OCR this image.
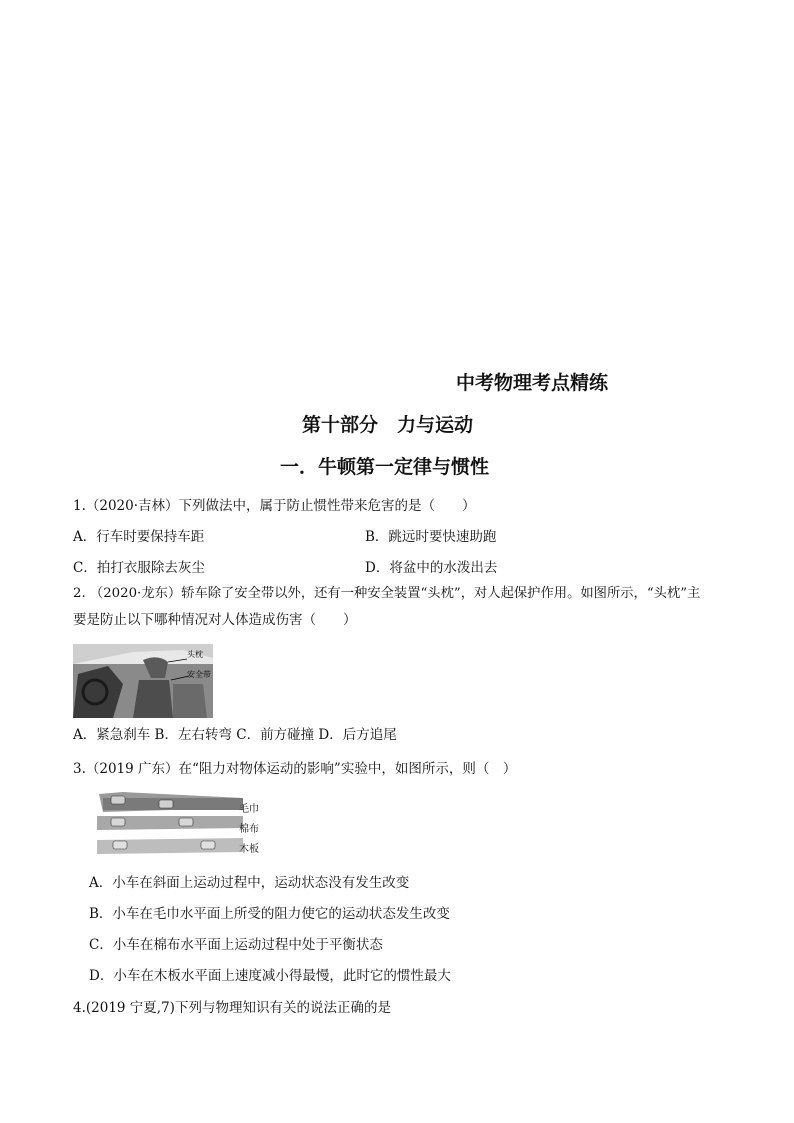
中考物理考点精练
第十部分　力与运动
一．牛顿第一定律与惯性
1.（2020·吉林）下列做法中，属于防止惯性带来危害的是（　　）
A．行车时要保持车距	B．跳远时要快速助跑
C．拍打衣服除去灰尘	D．将盆中的水泼出去
2. （2020·龙东）轿车除了安全带以外，还有一种安全装置“头枕”，对人起保护作用。如图所示，“头枕”主
要是防止以下哪种情况对人体造成伤害（　　）
头枕
安全带
A．紧急刹车 B．左右转弯 C．前方碰撞 D．后方追尾
3.（2019 广东）在“阻力对物体运动的影响”实验中，如图所示，则（　）
毛巾
棉布
木板
A．小车在斜面上运动过程中，运动状态没有发生改变
B．小车在毛巾水平面上所受的阻力使它的运动状态发生改变
C．小车在棉布水平面上运动过程中处于平衡状态
D．小车在木板水平面上速度减小得最慢，此时它的惯性最大
4.(2019 宁夏,7)下列与物理知识有关的说法正确的是
